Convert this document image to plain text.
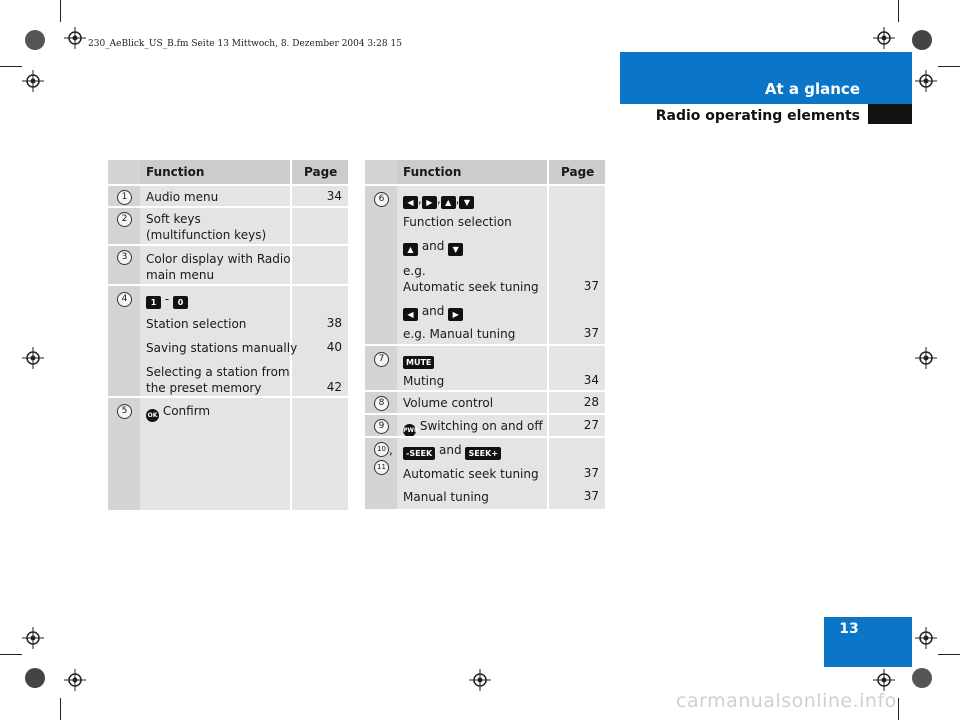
230_AeBlick_US_B.fm Seite 13 Mittwoch, 8. Dezember 2004 3:28 15
At a glance
Radio operating elements
Function	Page
1	Audio menu	34
2	Soft keys
(multifunction keys)
3	Color display with Radio
main menu
4	1 - 0
Station selection	38
Saving stations manually 40
Selecting a station from
the preset memory	42
5	OK Confirm
Function	Page
6	◀ , ▶ , ▲ , ▼
Function selection
▲ and ▼
e.g.
Automatic seek tuning	37
◀ and ▶
e.g. Manual tuning	37
7	MUTE
Muting	34
8	Volume control	28
9	PWR Switching on and off	27
10 ,
11
-SEEK and SEEK+
Automatic seek tuning	37
Manual tuning	37
13
carmanualsonline.info
